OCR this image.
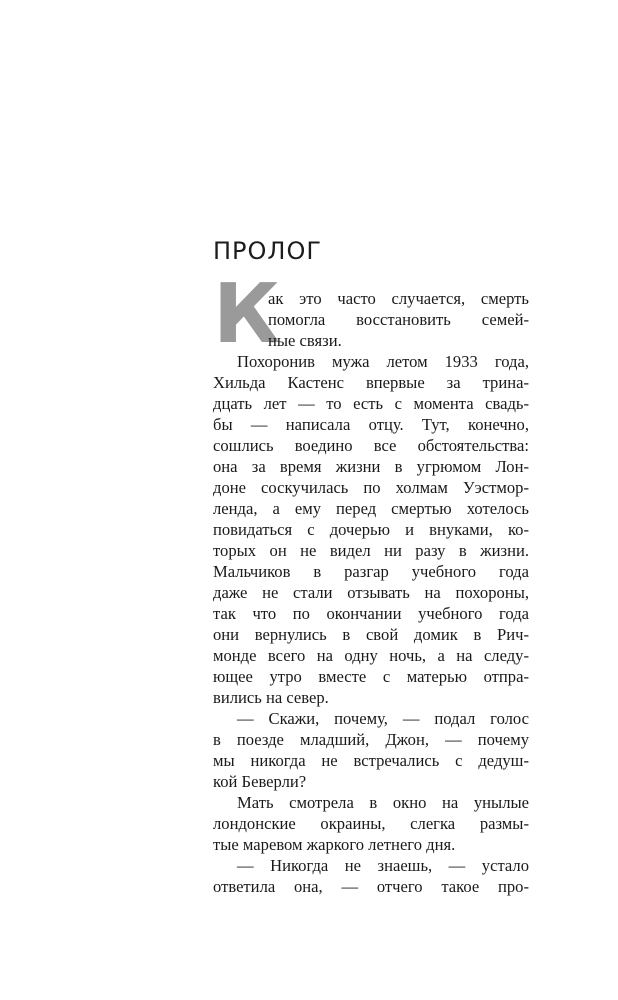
ПРОЛОГ
К
ак это часто случается, смерть
помогла восстановить семей-
ные связи.
Похоронив мужа летом 1933 года,
Хильда Кастенс впервые за трина-
дцать лет — то есть с момента свадь-
бы — написала отцу. Тут, конечно,
сошлись воедино все обстоятельства:
она за время жизни в угрюмом Лон-
доне соскучилась по холмам Уэстмор-
ленда, а ему перед смертью хотелось
повидаться с дочерью и внуками, ко-
торых он не видел ни разу в жизни.
Мальчиков в разгар учебного года
даже не стали отзывать на похороны,
так что по окончании учебного года
они вернулись в свой домик в Рич-
монде всего на одну ночь, а на следу-
ющее утро вместе с матерью отпра-
вились на север.
— Скажи, почему, — подал голос
в поезде младший, Джон, — почему
мы никогда не встречались с дедуш-
кой Беверли?
Мать смотрела в окно на унылые
лондонские окраины, слегка размы-
тые маревом жаркого летнего дня.
— Никогда не знаешь, — устало
ответила она, — отчего такое про-
